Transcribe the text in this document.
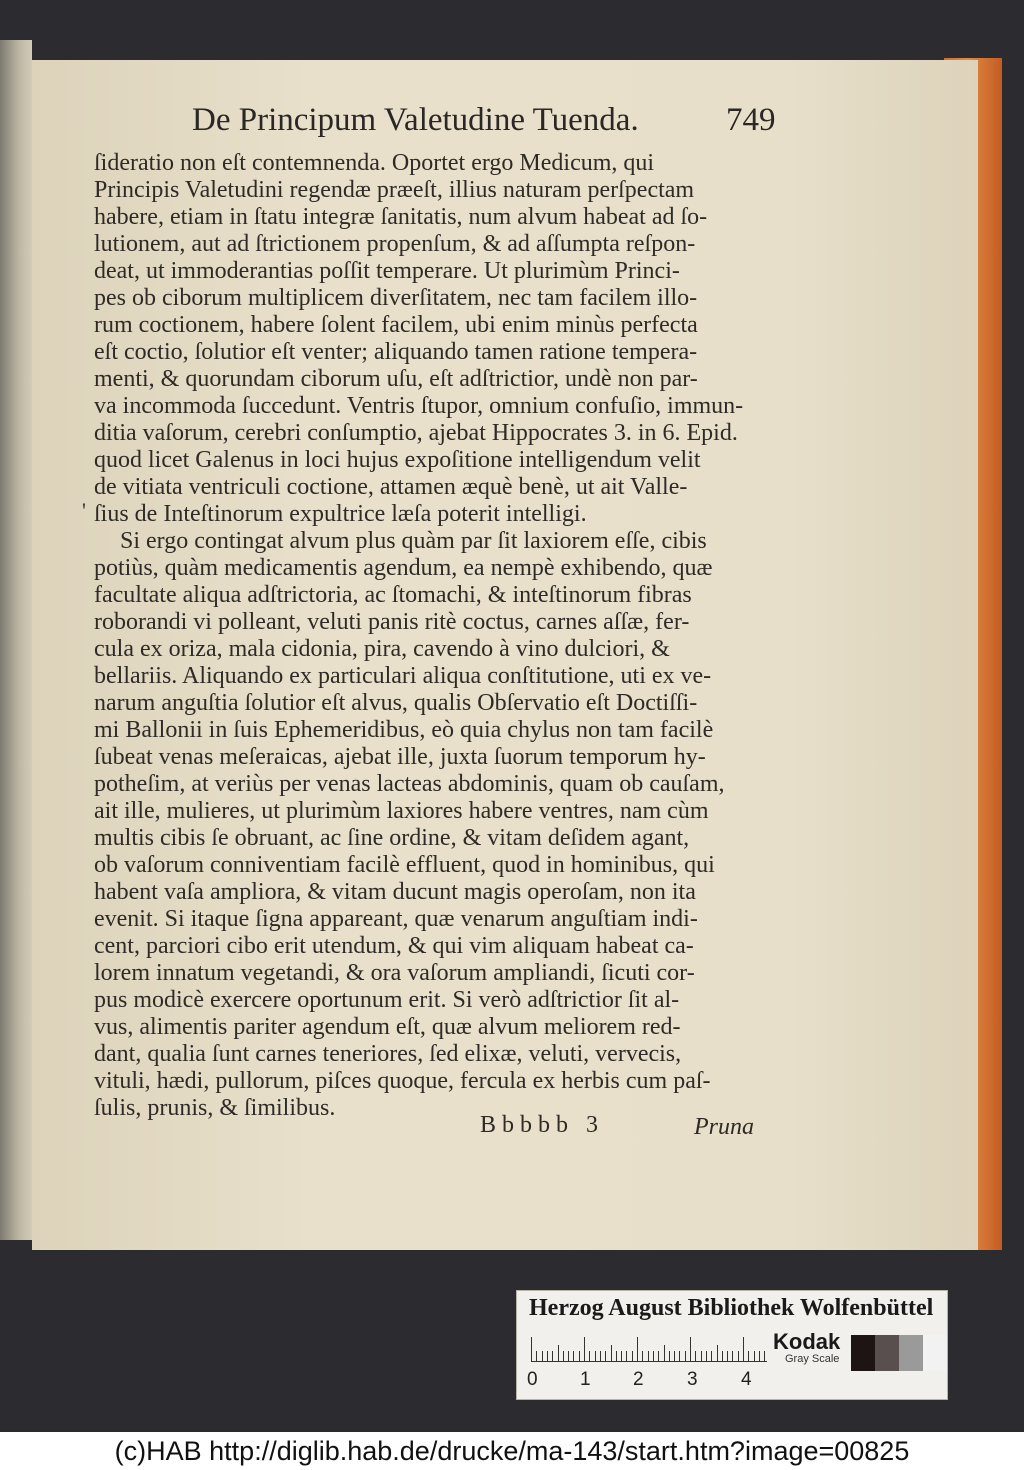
De Principum Valetudine Tuenda.	749
ſideratio non eſt contemnenda. Oportet ergo Medicum, qui
Principis Valetudini regendæ præeſt, illius naturam perſpectam
habere, etiam in ſtatu integræ ſanitatis, num alvum habeat ad ſo-
lutionem, aut ad ſtrictionem propenſum, & ad aſſumpta reſpon-
deat, ut immoderantias poſſit temperare. Ut plurimùm Princi-
pes ob ciborum multiplicem diverſitatem, nec tam facilem illo-
rum coctionem, habere ſolent facilem, ubi enim minùs perfecta
eſt coctio, ſolutior eſt venter; aliquando tamen ratione tempera-
menti, & quorundam ciborum uſu, eſt adſtrictior, undè non par-
va incommoda ſuccedunt. Ventris ſtupor, omnium confuſio, immun-
ditia vaſorum, cerebri conſumptio, ajebat Hippocrates 3. in 6. Epid.
quod licet Galenus in loci hujus expoſitione intelligendum velit
de vitiata ventriculi coctione, attamen æquè benè, ut ait Valle-
ſius de Inteſtinorum expultrice læſa poterit intelligi.
Si ergo contingat alvum plus quàm par ſit laxiorem eſſe, cibis
potiùs, quàm medicamentis agendum, ea nempè exhibendo, quæ
facultate aliqua adſtrictoria, ac ſtomachi, & inteſtinorum fibras
roborandi vi polleant, veluti panis ritè coctus, carnes aſſæ, fer-
cula ex oriza, mala cidonia, pira, cavendo à vino dulciori, &
bellariis. Aliquando ex particulari aliqua conſtitutione, uti ex ve-
narum anguſtia ſolutior eſt alvus, qualis Obſervatio eſt Doctiſſi-
mi Ballonii in ſuis Ephemeridibus, eò quia chylus non tam facilè
ſubeat venas meſeraicas, ajebat ille, juxta ſuorum temporum hy-
potheſim, at veriùs per venas lacteas abdominis, quam ob cauſam,
ait ille, mulieres, ut plurimùm laxiores habere ventres, nam cùm
multis cibis ſe obruant, ac ſine ordine, & vitam deſidem agant,
ob vaſorum conniventiam facilè effluent, quod in hominibus, qui
habent vaſa ampliora, & vitam ducunt magis operoſam, non ita
evenit. Si itaque ſigna appareant, quæ venarum anguſtiam indi-
cent, parciori cibo erit utendum, & qui vim aliquam habeat ca-
lorem innatum vegetandi, & ora vaſorum ampliandi, ſicuti cor-
pus modicè exercere oportunum erit. Si verò adſtrictior ſit al-
vus, alimentis pariter agendum eſt, quæ alvum meliorem red-
dant, qualia ſunt carnes teneriores, ſed elixæ, veluti, vervecis,
vituli, hædi, pullorum, piſces quoque, fercula ex herbis cum paſ-
ſulis, prunis, & ſimilibus.
'
Bbbbb 3	Pruna
Herzog August Bibliothek Wolfenbüttel
0 1 2 3 4
Kodak
Gray Scale
(c)HAB http://diglib.hab.de/drucke/ma-143/start.htm?image=00825
